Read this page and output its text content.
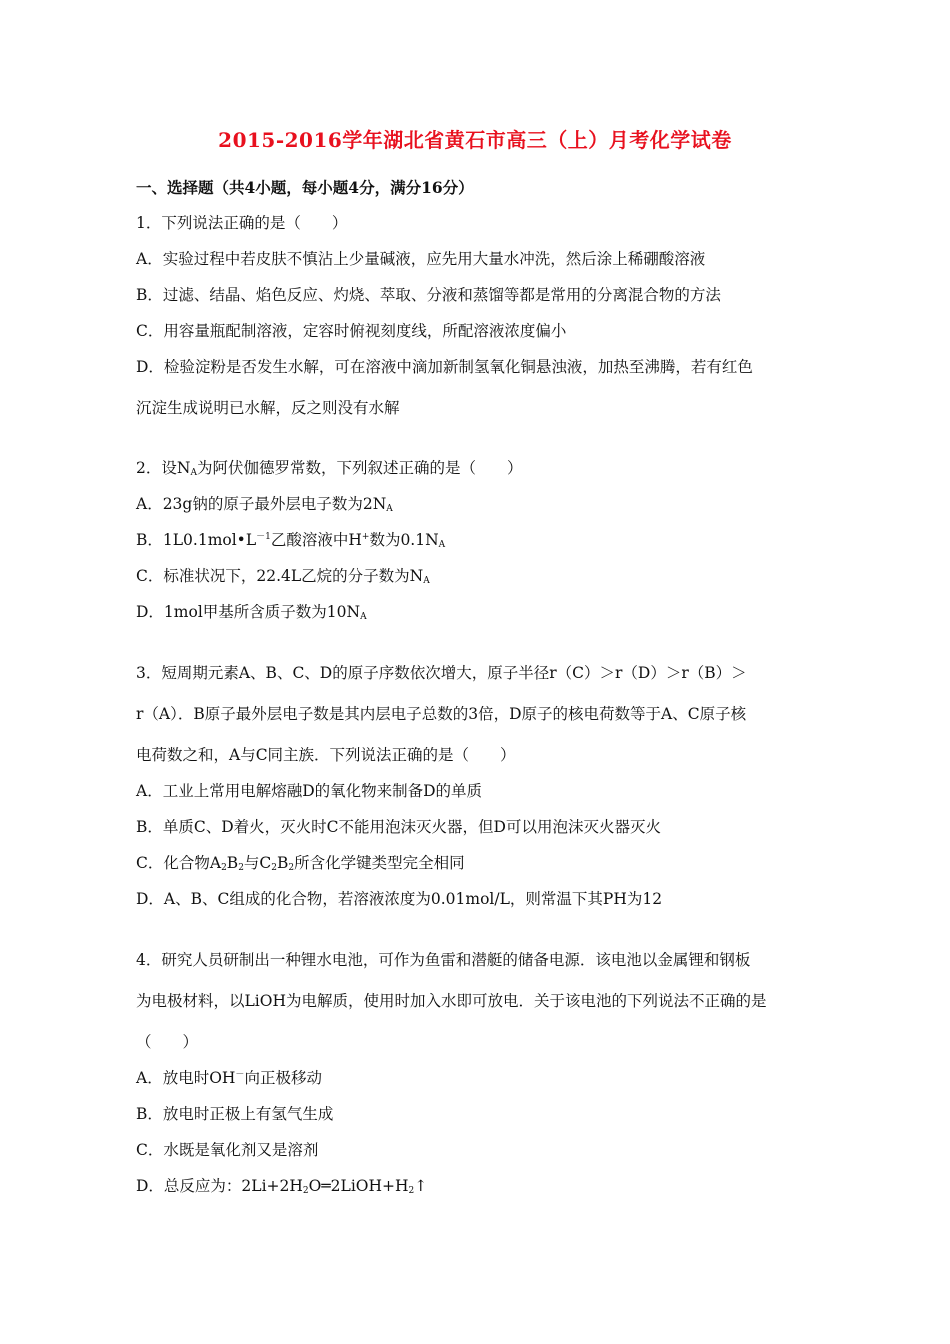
2015-2016学年湖北省黄石市高三（上）月考化学试卷
一、选择题（共4小题，每小题4分，满分16分）
1．下列说法正确的是（　　）
A．实验过程中若皮肤不慎沾上少量碱液，应先用大量水冲洗，然后涂上稀硼酸溶液
B．过滤、结晶、焰色反应、灼烧、萃取、分液和蒸馏等都是常用的分离混合物的方法
C．用容量瓶配制溶液，定容时俯视刻度线，所配溶液浓度偏小
D．检验淀粉是否发生水解，可在溶液中滴加新制氢氧化铜悬浊液，加热至沸腾，若有红色
沉淀生成说明已水解，反之则没有水解
2．设$N_A$为阿伏伽德罗常数，下列叙述正确的是（　　）
A．23g钠的原子最外层电子数为$2N_A$
B．$1L0.1mol•L^{-1}$乙酸溶液中H+数为$0.1N_A$
C．标准状况下，22.4L乙烷的分子数为$N_A$
D．1mol甲基所含质子数为$10N_A$
3．短周期元素A、B、C、D的原子序数依次增大，原子半径r（C）＞r（D）＞r（B）＞
r（A）．B原子最外层电子数是其内层电子总数的3倍，D原子的核电荷数等于A、C原子核
电荷数之和，A与C同主族．下列说法正确的是（　　）
A．工业上常用电解熔融D的氧化物来制备D的单质
B．单质C、D着火，灭火时C不能用泡沫灭火器，但D可以用泡沫灭火器灭火
C．化合物$A_2B_2$与$C_2B_2$所含化学键类型完全相同
D．A、B、C组成的化合物，若溶液浓度为0.01mol/L，则常温下其PH为12
4．研究人员研制出一种锂水电池，可作为鱼雷和潜艇的储备电源．该电池以金属锂和钢板
为电极材料，以LiOH为电解质，使用时加入水即可放电．关于该电池的下列说法不正确的是
（　　）
A．放电时OH－向正极移动
B．放电时正极上有氢气生成
C．水既是氧化剂又是溶剂
D．总反应为：$2Li+2H_2O═2LiOH+H_2↑$
